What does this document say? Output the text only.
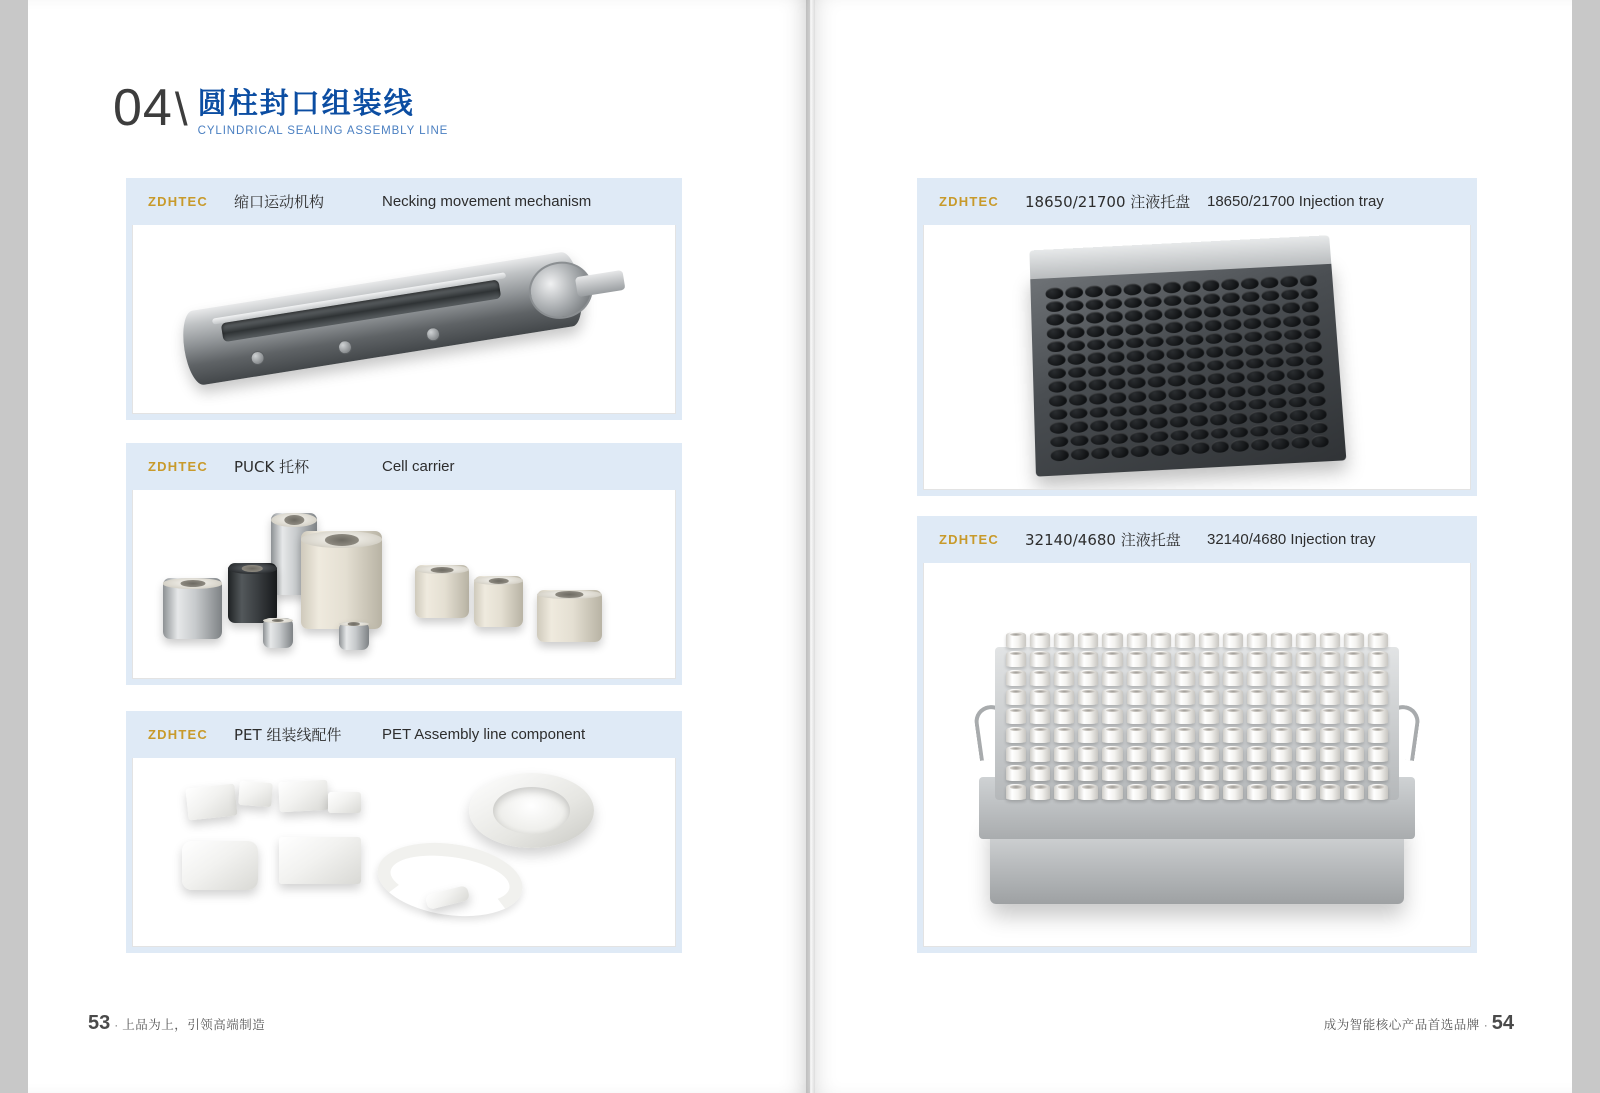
04 \ 圆柱封口组装线
CYLINDRICAL SEALING ASSEMBLY LINE
ZDHTEC	缩口运动机构	Necking movement mechanism
ZDHTEC	PUCK 托杯	Cell carrier
ZDHTEC	PET 组装线配件	PET Assembly line component
53 · 上品为上，引领高端制造
ZDHTEC	18650/21700 注液托盘	18650/21700 Injection tray
ZDHTEC	32140/4680 注液托盘	32140/4680 Injection tray
成为智能核心产品首选品牌 · 54
